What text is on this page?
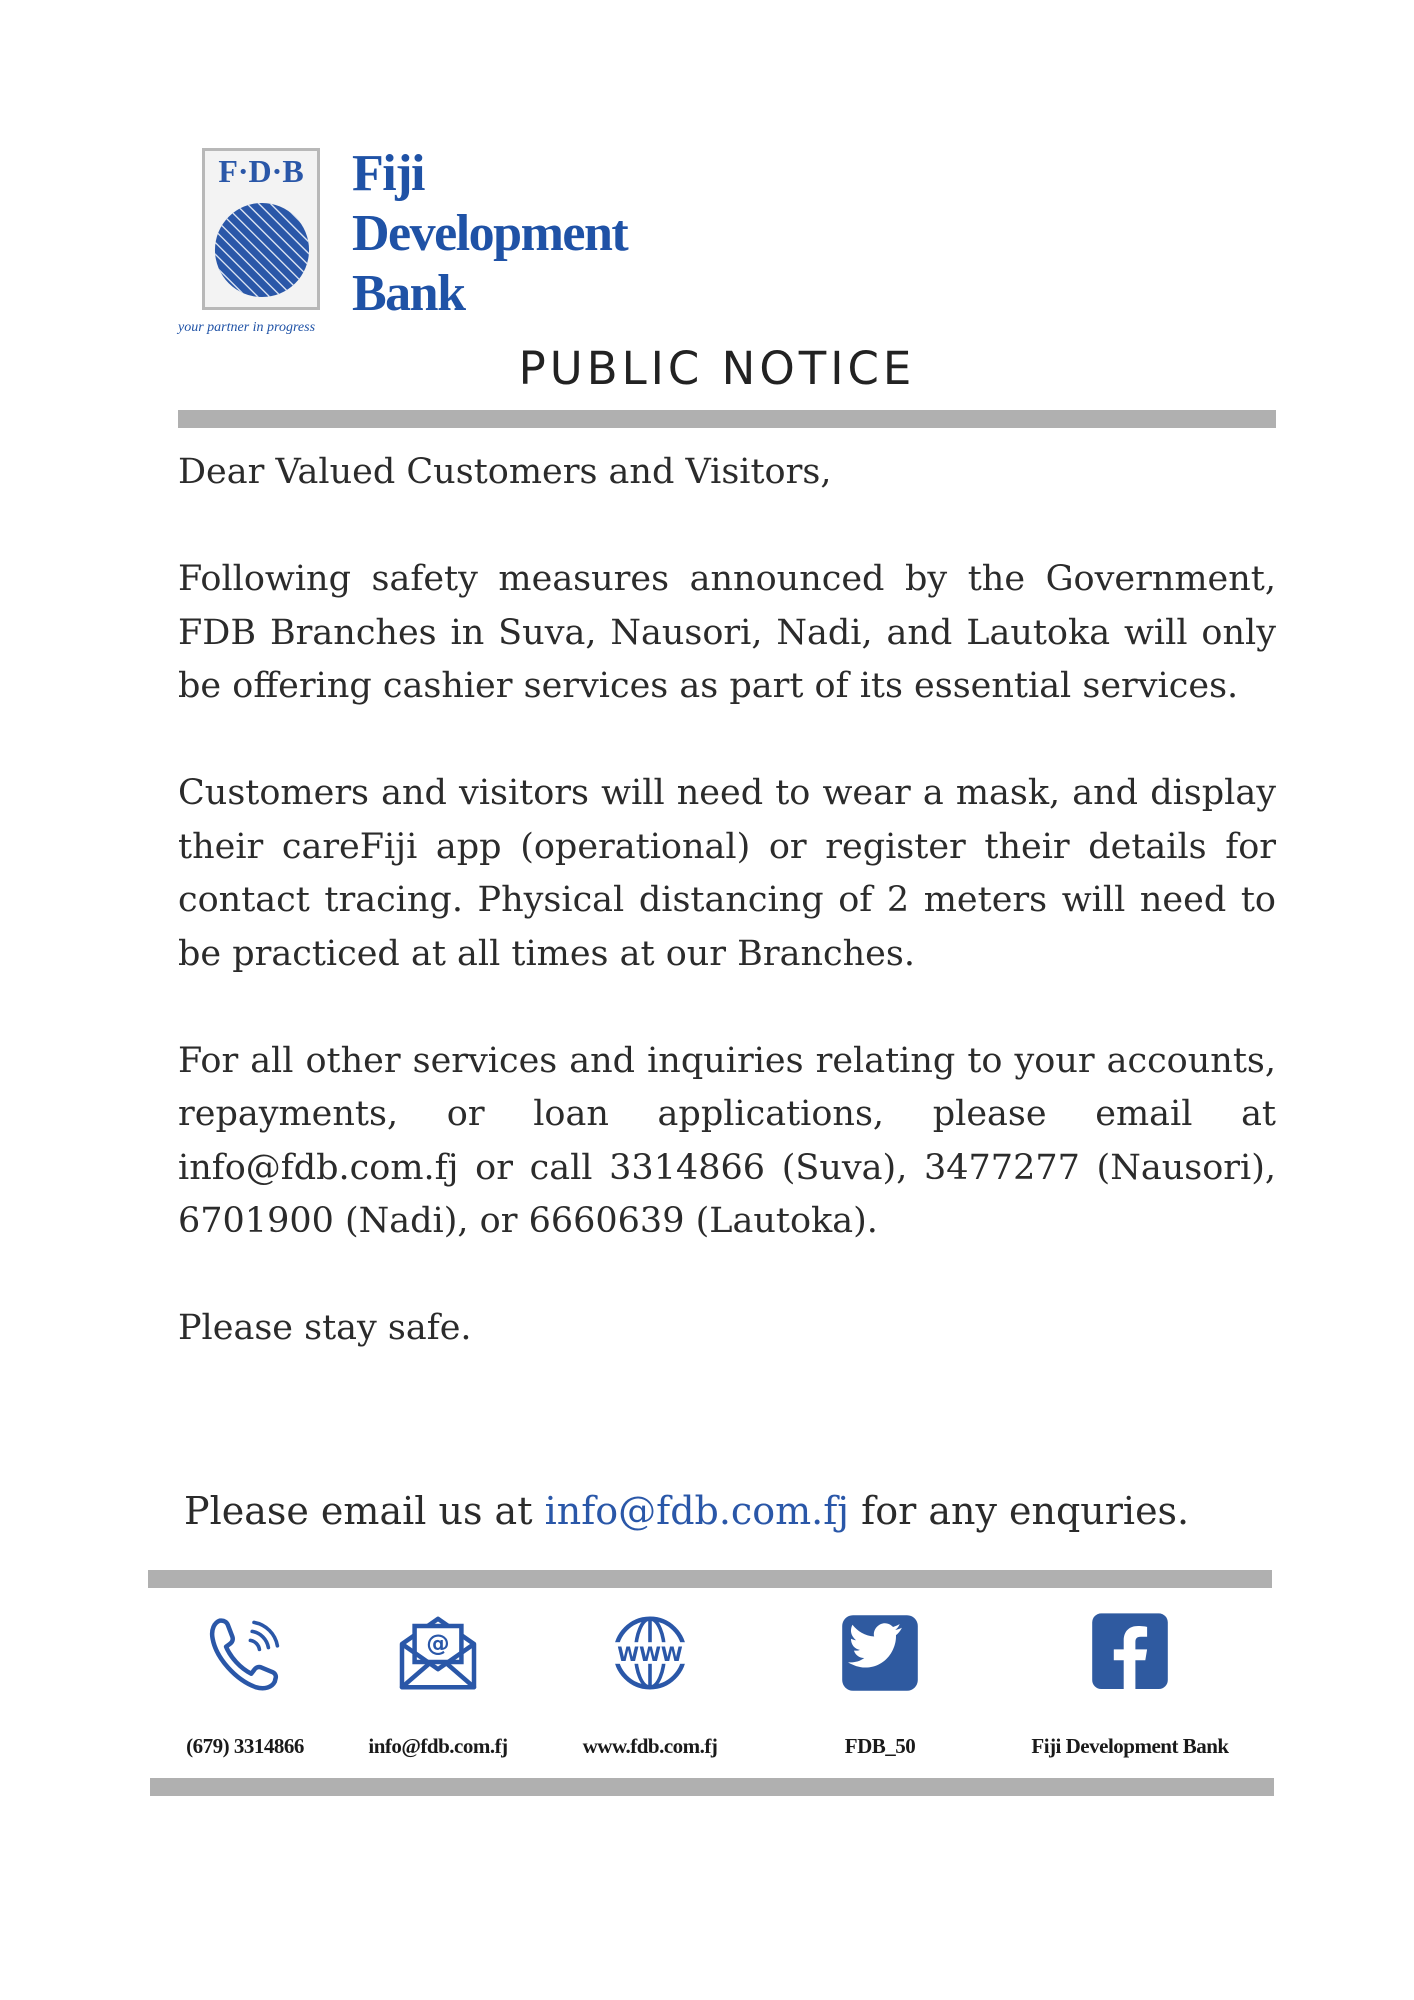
F·D·B Fiji
Development
Bank
your partner in progress
PUBLIC NOTICE

Dear Valued Customers and Visitors,

Following safety measures announced by the Government, FDB Branches in Suva, Nausori, Nadi, and Lautoka will only be offering cashier services as part of its essential services.

Customers and visitors will need to wear a mask, and display their careFiji app (operational) or register their details for contact tracing. Physical distancing of 2 meters will need to be practiced at all times at our Branches.

For all other services and inquiries relating to your accounts, repayments, or loan applications, please email at info@fdb.com.fj or call 3314866 (Suva), 3477277 (Nausori), 6701900 (Nadi), or 6660639 (Lautoka).

Please stay safe.

Please email us at info@fdb.com.fj for any enquries.
(679) 3314866
@
info@fdb.com.fj
WWW
www.fdb.com.fj	FDB_50	Fiji Development Bank
